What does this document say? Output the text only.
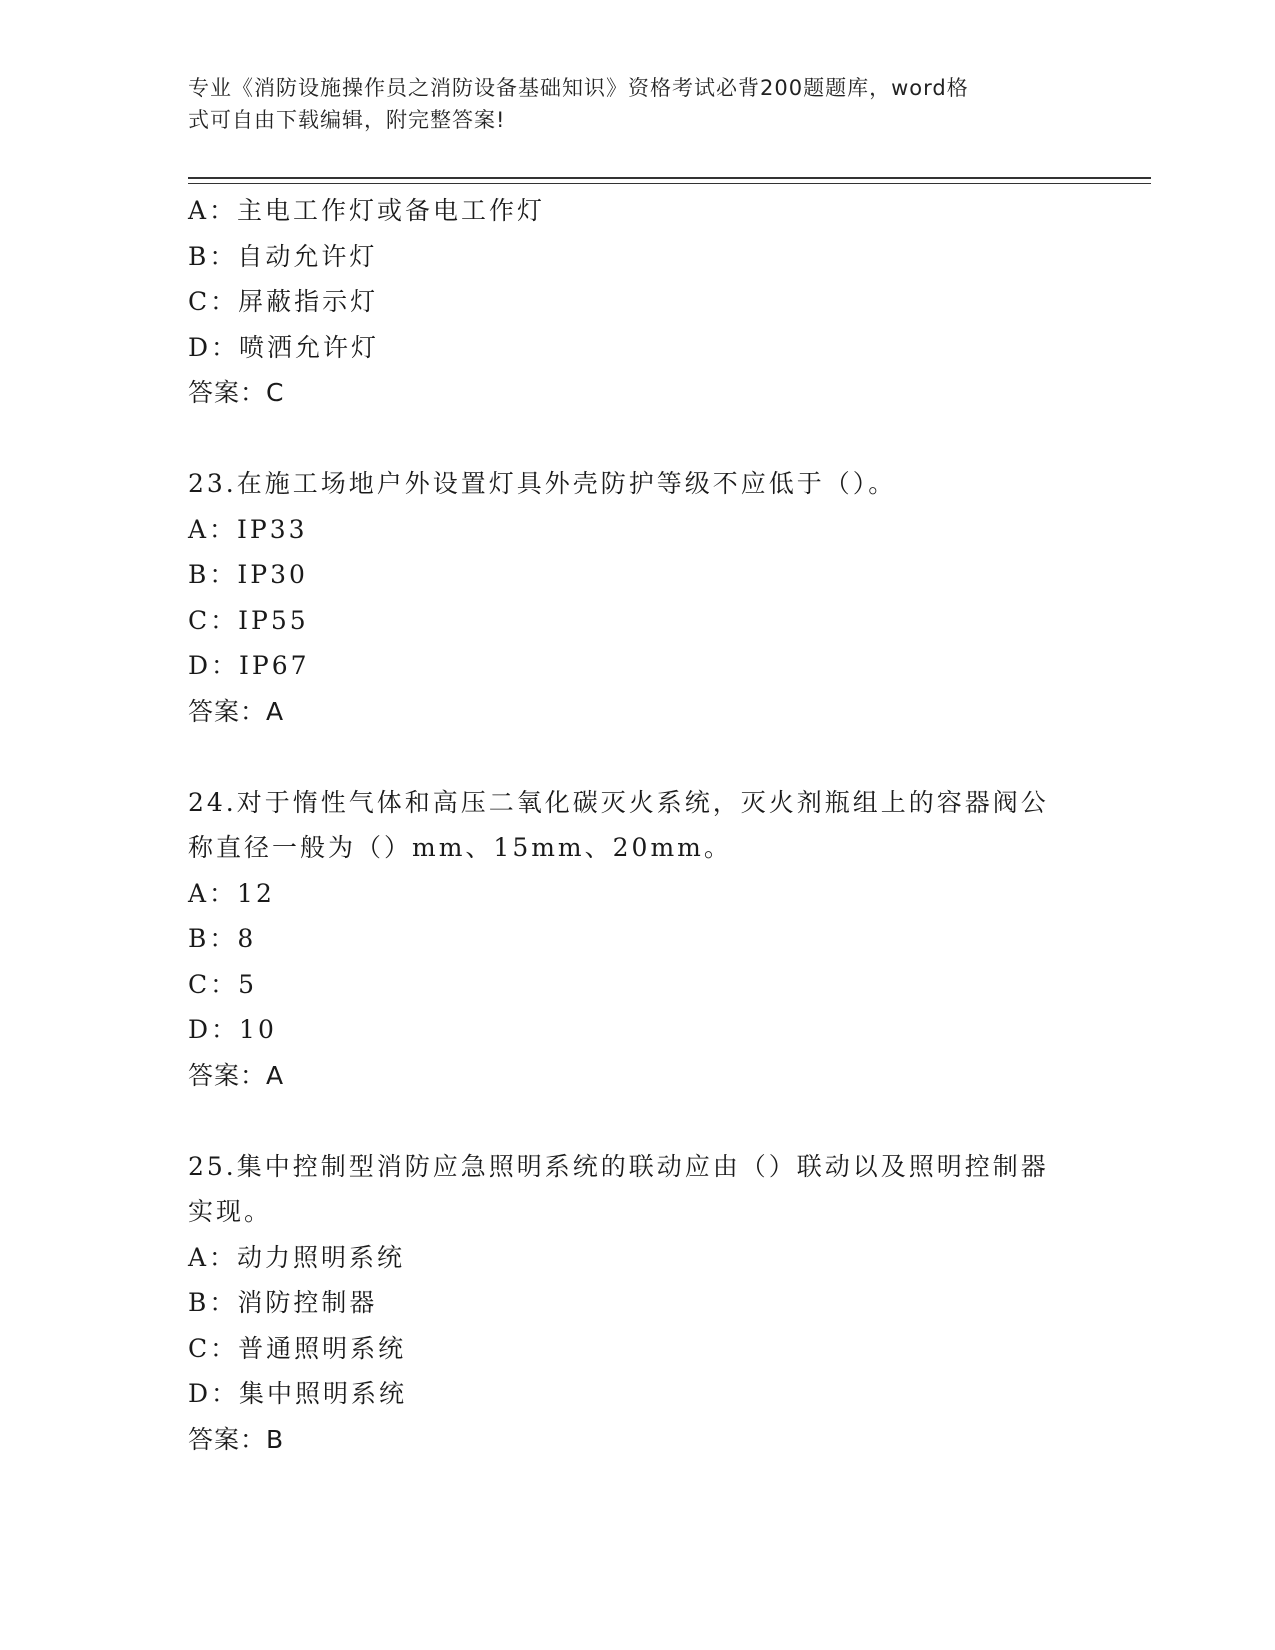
专业《消防设施操作员之消防设备基础知识》资格考试必背200题题库，word格
式可自由下载编辑，附完整答案!
A：主电工作灯或备电工作灯
B：自动允许灯
C：屏蔽指示灯
D：喷洒允许灯
答案：C
23.在施工场地户外设置灯具外壳防护等级不应低于（）。
A：IP33
B：IP30
C：IP55
D：IP67
答案：A
24.对于惰性气体和高压二氧化碳灭火系统，灭火剂瓶组上的容器阀公
称直径一般为（）mm、15mm、20mm。
A：12
B：8
C：5
D：10
答案：A
25.集中控制型消防应急照明系统的联动应由（）联动以及照明控制器
实现。
A：动力照明系统
B：消防控制器
C：普通照明系统
D：集中照明系统
答案：B
